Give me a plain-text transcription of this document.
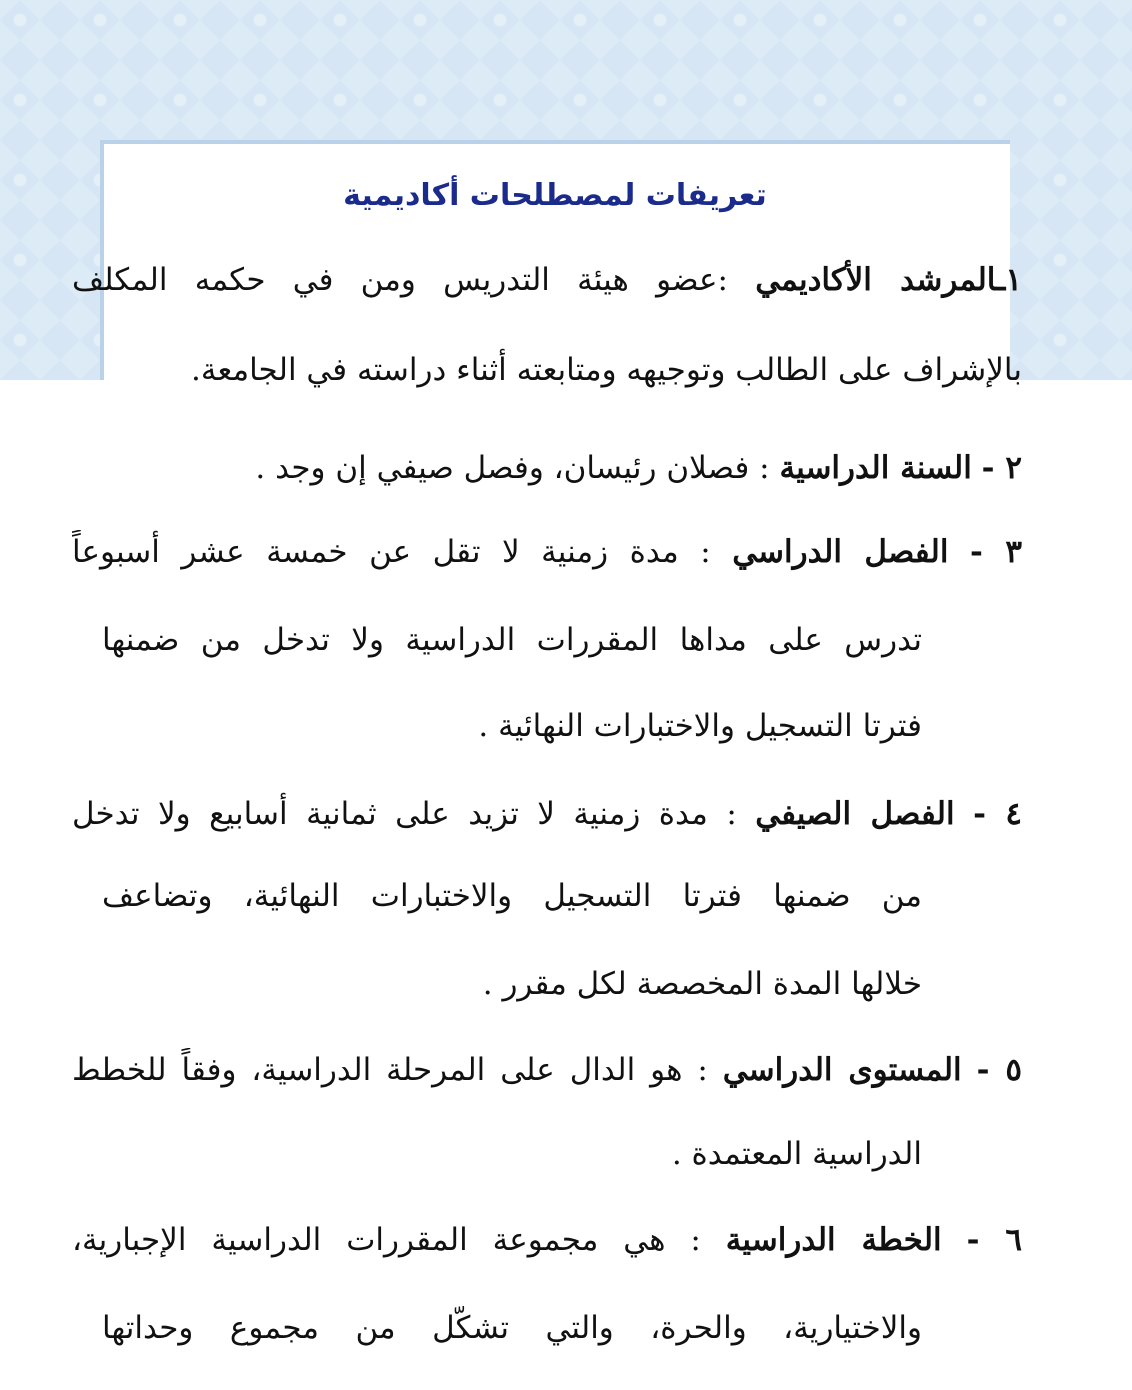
تعريفات لمصطلحات أكاديمية
١ـالمرشد الأكاديمي :عضو هيئة التدريس ومن في حكمه المكلف
بالإشراف على الطالب وتوجيهه ومتابعته أثناء دراسته في الجامعة.
٢ - السنة الدراسية : فصلان رئيسان، وفصل صيفي إن وجد .
٣ - الفصل الدراسي : مدة زمنية لا تقل عن خمسة عشر أسبوعاً
تدرس على مداها المقررات الدراسية ولا تدخل من ضمنها
فترتا التسجيل والاختبارات النهائية .
٤ - الفصل الصيفي : مدة زمنية لا تزيد على ثمانية أسابيع ولا تدخل
من ضمنها فترتا التسجيل والاختبارات النهائية، وتضاعف
خلالها المدة المخصصة لكل مقرر .
٥ - المستوى الدراسي : هو الدال على المرحلة الدراسية، وفقاً للخطط
الدراسية المعتمدة .
٦ - الخطة الدراسية : هي مجموعة المقررات الدراسية الإجبارية،
والاختيارية، والحرة، والتي تشكّل من مجموع وحداتها
